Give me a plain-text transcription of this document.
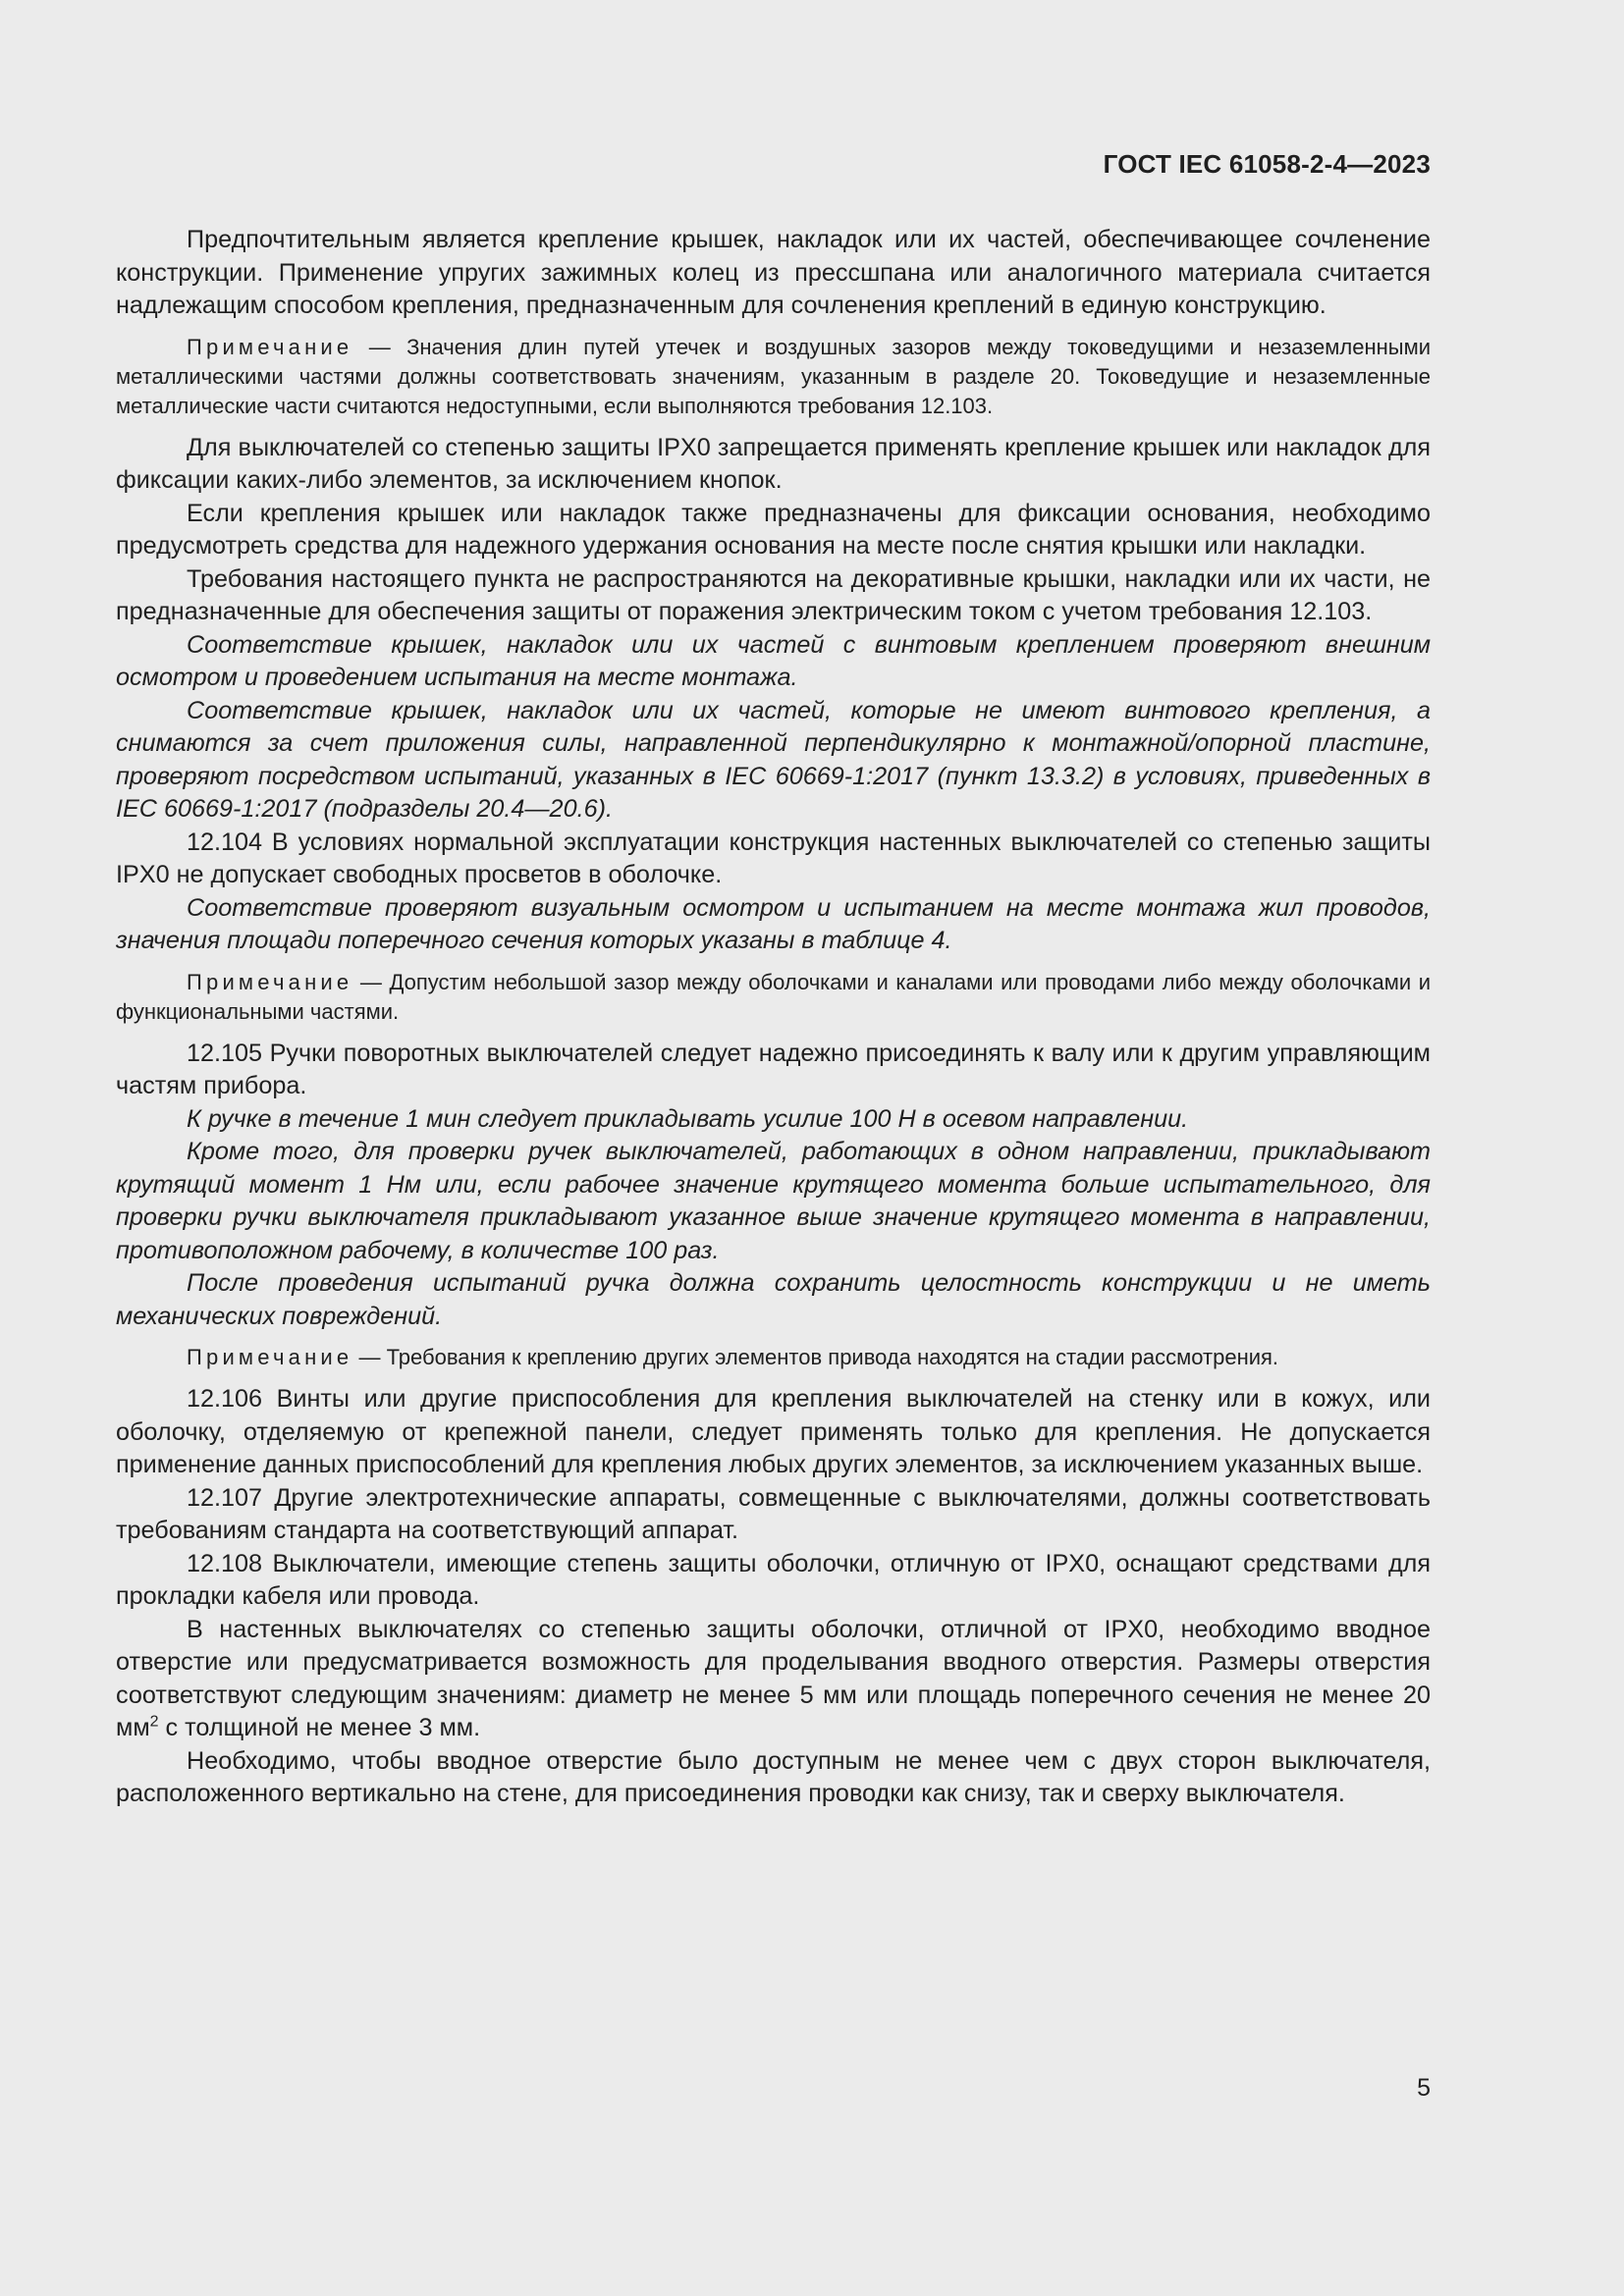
ГОСТ IEC 61058-2-4—2023

Предпочтительным является крепление крышек, накладок или их частей, обеспечивающее сочленение конструкции. Применение упругих зажимных колец из прессшпана или аналогичного материала считается надлежащим способом крепления, предназначенным для сочленения креплений в единую конструкцию.

Примечание — Значения длин путей утечек и воздушных зазоров между токоведущими и незаземленными металлическими частями должны соответствовать значениям, указанным в разделе 20. Токоведущие и незаземленные металлические части считаются недоступными, если выполняются требования 12.103.

Для выключателей со степенью защиты IPX0 запрещается применять крепление крышек или накладок для фиксации каких-либо элементов, за исключением кнопок.

Если крепления крышек или накладок также предназначены для фиксации основания, необходимо предусмотреть средства для надежного удержания основания на месте после снятия крышки или накладки.

Требования настоящего пункта не распространяются на декоративные крышки, накладки или их части, не предназначенные для обеспечения защиты от поражения электрическим током с учетом требования 12.103.

Соответствие крышек, накладок или их частей с винтовым креплением проверяют внешним осмотром и проведением испытания на месте монтажа.

Соответствие крышек, накладок или их частей, которые не имеют винтового крепления, а снимаются за счет приложения силы, направленной перпендикулярно к монтажной/опорной пластине, проверяют посредством испытаний, указанных в IEC 60669-1:2017 (пункт 13.3.2) в условиях, приведенных в IEC 60669-1:2017 (подразделы 20.4—20.6).

12.104 В условиях нормальной эксплуатации конструкция настенных выключателей со степенью защиты IPX0 не допускает свободных просветов в оболочке.

Соответствие проверяют визуальным осмотром и испытанием на месте монтажа жил проводов, значения площади поперечного сечения которых указаны в таблице 4.

Примечание — Допустим небольшой зазор между оболочками и каналами или проводами либо между оболочками и функциональными частями.

12.105 Ручки поворотных выключателей следует надежно присоединять к валу или к другим управляющим частям прибора.

К ручке в течение 1 мин следует прикладывать усилие 100 Н в осевом направлении.

Кроме того, для проверки ручек выключателей, работающих в одном направлении, прикладывают крутящий момент 1 Нм или, если рабочее значение крутящего момента больше испытательного, для проверки ручки выключателя прикладывают указанное выше значение крутящего момента в направлении, противоположном рабочему, в количестве 100 раз.

После проведения испытаний ручка должна сохранить целостность конструкции и не иметь механических повреждений.

Примечание — Требования к креплению других элементов привода находятся на стадии рассмотрения.

12.106 Винты или другие приспособления для крепления выключателей на стенку или в кожух, или оболочку, отделяемую от крепежной панели, следует применять только для крепления. Не допускается применение данных приспособлений для крепления любых других элементов, за исключением указанных выше.

12.107 Другие электротехнические аппараты, совмещенные с выключателями, должны соответствовать требованиям стандарта на соответствующий аппарат.

12.108 Выключатели, имеющие степень защиты оболочки, отличную от IPX0, оснащают средствами для прокладки кабеля или провода.

В настенных выключателях со степенью защиты оболочки, отличной от IPX0, необходимо вводное отверстие или предусматривается возможность для проделывания вводного отверстия. Размеры отверстия соответствуют следующим значениям: диаметр не менее 5 мм или площадь поперечного сечения не менее 20 $мм^2$ с толщиной не менее 3 мм.

Необходимо, чтобы вводное отверстие было доступным не менее чем с двух сторон выключателя, расположенного вертикально на стене, для присоединения проводки как снизу, так и сверху выключателя.

5
